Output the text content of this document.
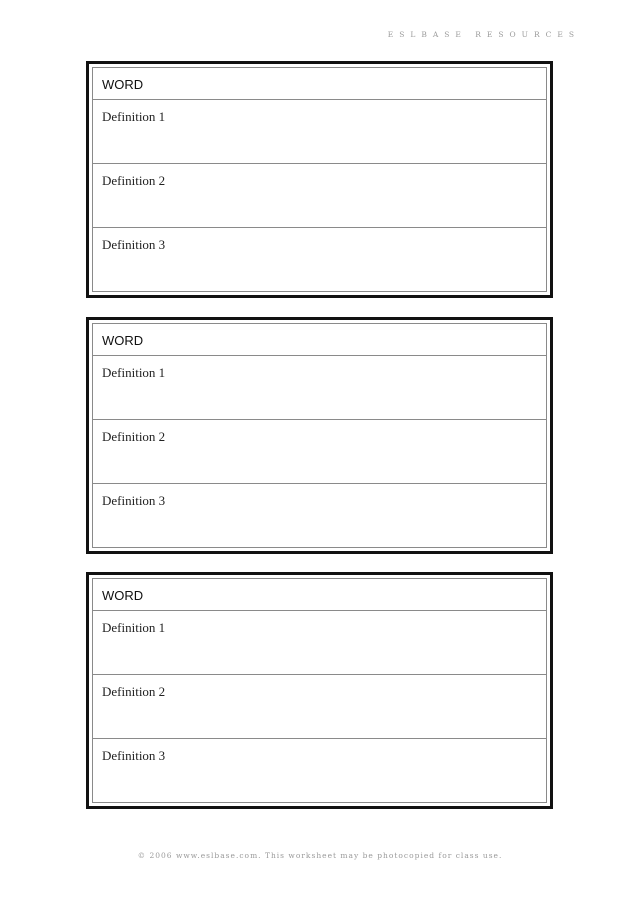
ESLBASE RESOURCES
WORD
Definition 1
Definition 2
Definition 3
WORD
Definition 1
Definition 2
Definition 3
WORD
Definition 1
Definition 2
Definition 3
© 2006 www.eslbase.com. This worksheet may be photocopied for class use.
